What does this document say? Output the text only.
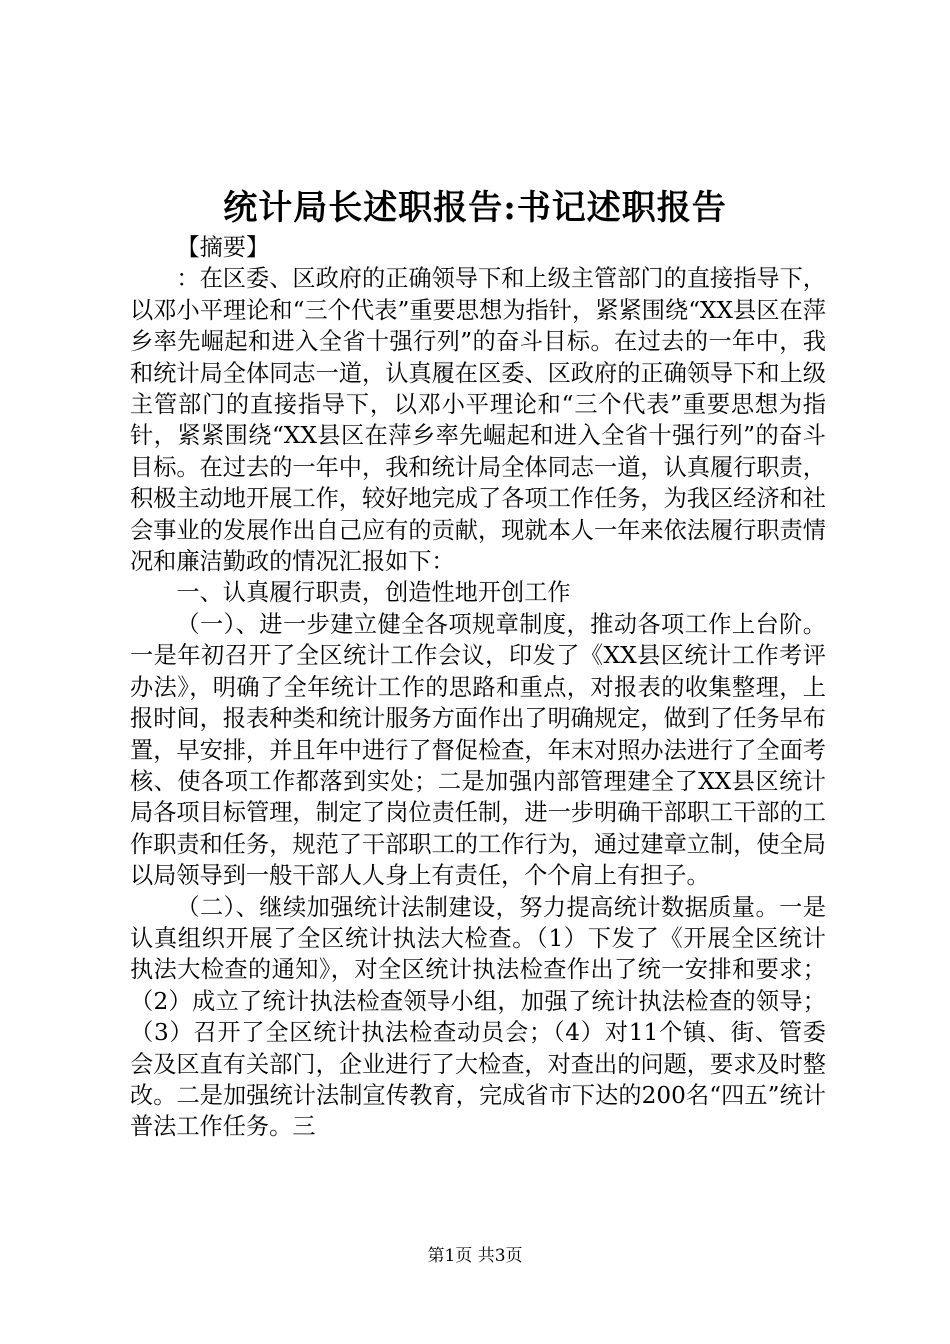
统计局长述职报告:书记述职报告

【摘要】

：在区委、区政府的正确领导下和上级主管部门的直接指导下，以邓小平理论和“三个代表”重要思想为指针，紧紧围绕“XX县区在萍乡率先崛起和进入全省十强行列”的奋斗目标。在过去的一年中，我和统计局全体同志一道，认真履在区委、区政府的正确领导下和上级主管部门的直接指导下，以邓小平理论和“三个代表”重要思想为指针，紧紧围绕“XX县区在萍乡率先崛起和进入全省十强行列”的奋斗目标。在过去的一年中，我和统计局全体同志一道，认真履行职责，积极主动地开展工作，较好地完成了各项工作任务，为我区经济和社会事业的发展作出自己应有的贡献，现就本人一年来依法履行职责情况和廉洁勤政的情况汇报如下：

一、认真履行职责，创造性地开创工作

（一）、进一步建立健全各项规章制度，推动各项工作上台阶。一是年初召开了全区统计工作会议，印发了《XX县区统计工作考评办法》，明确了全年统计工作的思路和重点，对报表的收集整理，上报时间，报表种类和统计服务方面作出了明确规定，做到了任务早布置，早安排，并且年中进行了督促检查，年末对照办法进行了全面考核、使各项工作都落到实处；二是加强内部管理建全了XX县区统计局各项目标管理，制定了岗位责任制，进一步明确干部职工干部的工作职责和任务，规范了干部职工的工作行为，通过建章立制，使全局以局领导到一般干部人人身上有责任，个个肩上有担子。

（二）、继续加强统计法制建设，努力提高统计数据质量。一是认真组织开展了全区统计执法大检查。（1）下发了《开展全区统计执法大检查的通知》，对全区统计执法检查作出了统一安排和要求；（2）成立了统计执法检查领导小组，加强了统计执法检查的领导；（3）召开了全区统计执法检查动员会；（4）对11个镇、街、管委会及区直有关部门，企业进行了大检查，对查出的问题，要求及时整改。二是加强统计法制宣传教育，完成省市下达的200名“四五”统计普法工作任务。三

第1页 共3页
